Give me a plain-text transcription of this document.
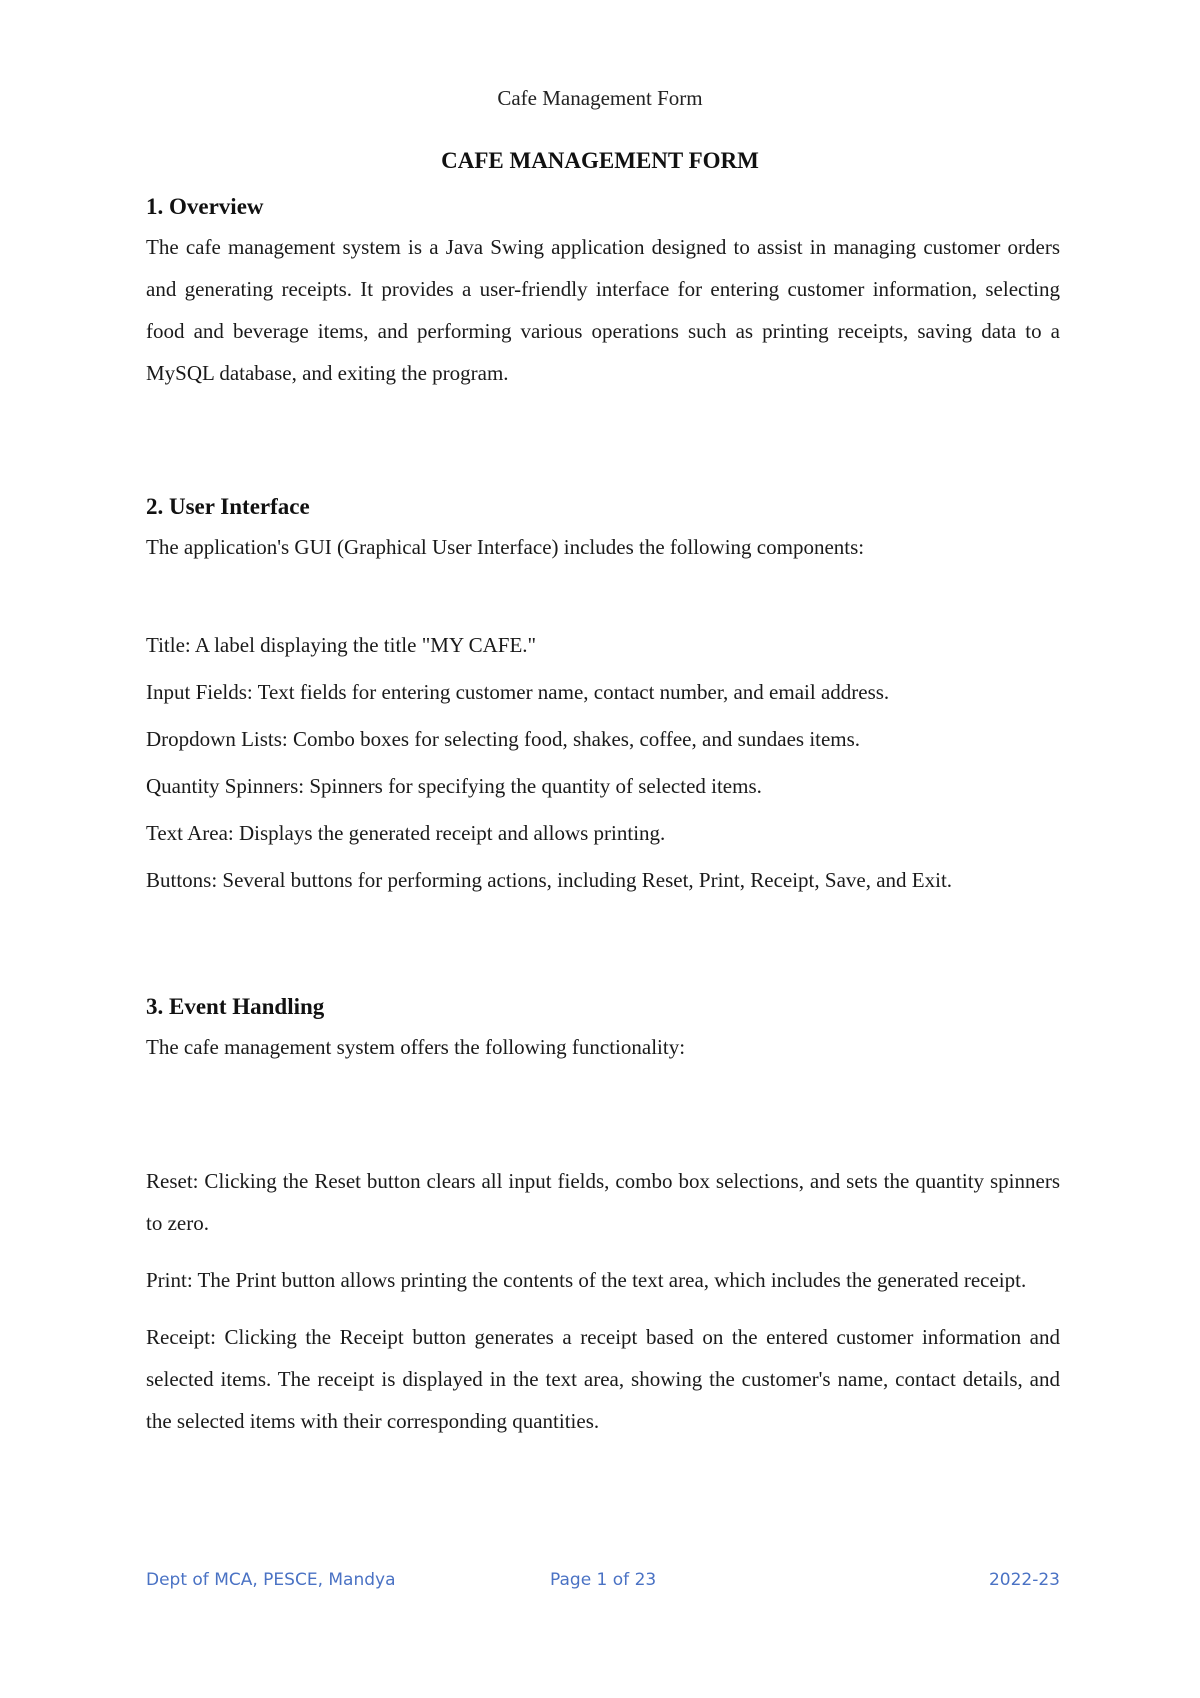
Cafe Management Form
CAFE MANAGEMENT FORM
1. Overview

The cafe management system is a Java Swing application designed to assist in managing customer orders and generating receipts. It provides a user-friendly interface for entering customer information, selecting food and beverage items, and performing various operations such as printing receipts, saving data to a MySQL database, and exiting the program.

2. User Interface

The application's GUI (Graphical User Interface) includes the following components:

Title: A label displaying the title "MY CAFE."

Input Fields: Text fields for entering customer name, contact number, and email address.

Dropdown Lists: Combo boxes for selecting food, shakes, coffee, and sundaes items.

Quantity Spinners: Spinners for specifying the quantity of selected items.

Text Area: Displays the generated receipt and allows printing.

Buttons: Several buttons for performing actions, including Reset, Print, Receipt, Save, and Exit.

3. Event Handling

The cafe management system offers the following functionality:

Reset: Clicking the Reset button clears all input fields, combo box selections, and sets the quantity spinners to zero.

Print: The Print button allows printing the contents of the text area, which includes the generated receipt.

Receipt: Clicking the Receipt button generates a receipt based on the entered customer information and selected items. The receipt is displayed in the text area, showing the customer's name, contact details, and the selected items with their corresponding quantities.

Dept of MCA, PESCE, Mandya	Page 1 of 23	2022-23
